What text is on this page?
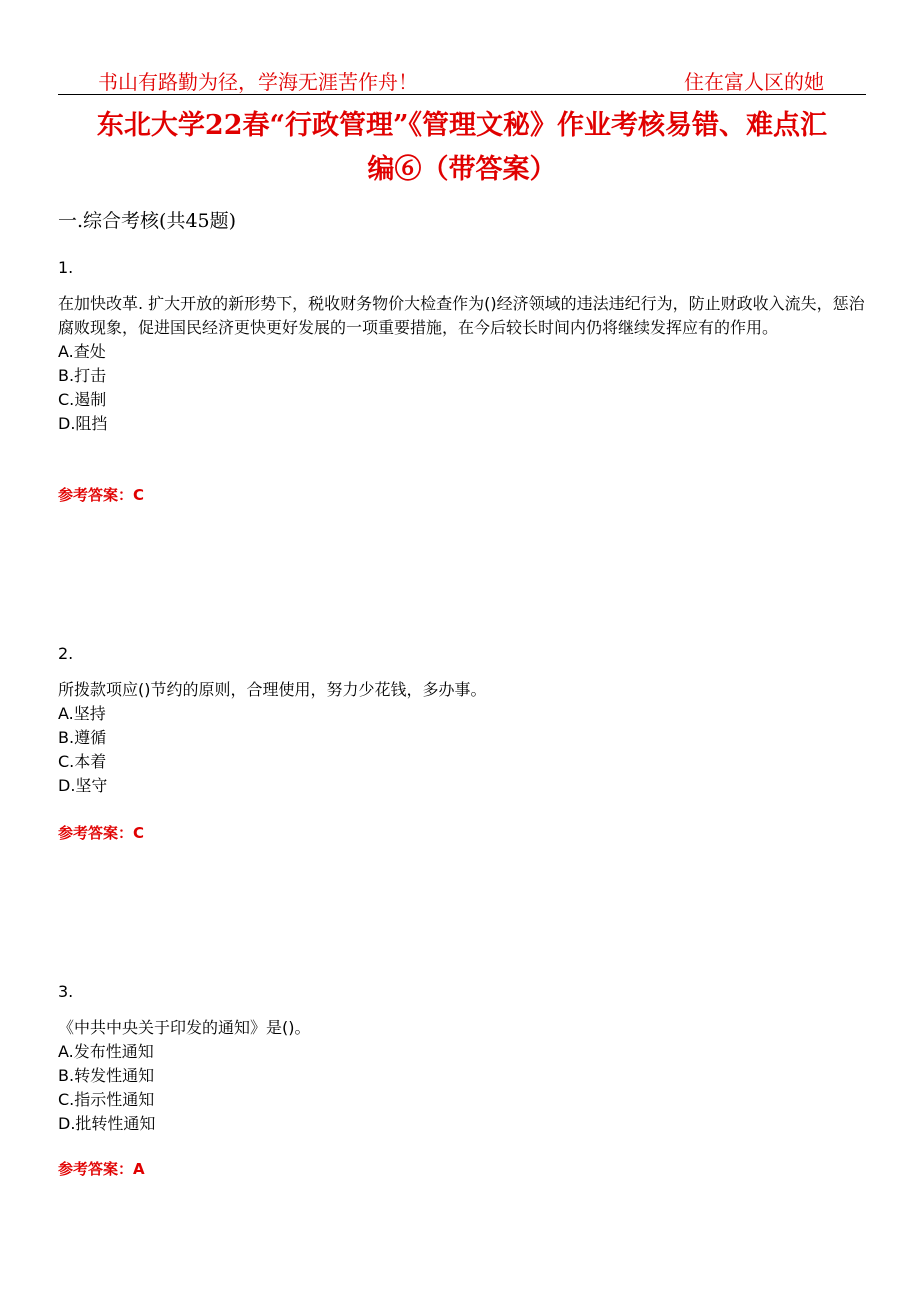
书山有路勤为径，学海无涯苦作舟！	住在富人区的她
东北大学22春“行政管理”《管理文秘》作业考核易错、难点汇
编⑥（带答案）
一.综合考核(共45题)
1.
在加快改革. 扩大开放的新形势下，税收财务物价大检查作为()经济领域的违法违纪行为，防止财政收入流失，惩治腐败现象，促进国民经济更快更好发展的一项重要措施，在今后较长时间内仍将继续发挥应有的作用。
A.查处
B.打击
C.遏制
D.阻挡
参考答案：C
2.
所拨款项应()节约的原则，合理使用，努力少花钱，多办事。
A.坚持
B.遵循
C.本着
D.坚守
参考答案：C
3.
《中共中央关于印发的通知》是()。
A.发布性通知
B.转发性通知
C.指示性通知
D.批转性通知
参考答案：A
